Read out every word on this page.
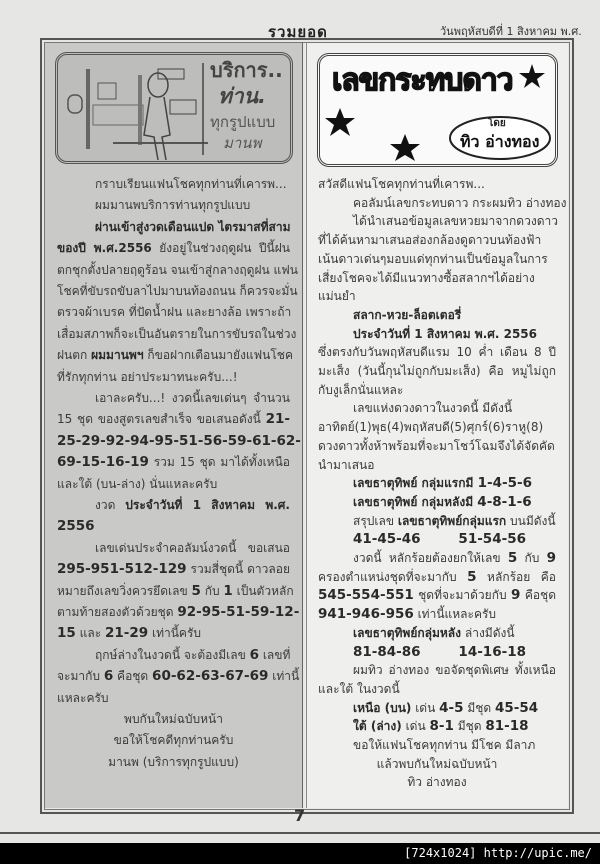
รวมยอด	วันพฤหัสบดีที่ 1 สิงหาคม พ.ศ.
บริการ..
ท่าน.
ทุกรูปแบบ
มานพ
เลขกระทบดาว
โดย
ทิว อ่างทอง
กราบเรียนแฟนโชคทุกท่านที่เคารพ...
ผมมานพบริการท่านทุกรูปแบบ
ผ่านเข้าสู่งวดเดือนแปด ไตรมาสที่สาม
ของปี พ.ศ.2556 ยังอยู่ในช่วงฤดูฝน ปีนี้ฝน
ตกชุกตั้งปลายฤดูร้อน จนเข้าสู่กลางฤดูฝน แฟน
โชคที่ขับรถขับลาไปมาบนท้องถนน ก็ควรจะมั่น
ตรวจผ้าเบรค ที่ปัดน้ำฝน และยางล้อ เพราะถ้า
เสื่อมสภาพก็จะเป็นอันตรายในการขับรถในช่วง
ฝนตก ผมมานพฯ ก็ขอฝากเตือนมายังแฟนโชค
ที่รักทุกท่าน อย่าประมาทนะครับ...!
เอาละครับ...! งวดนี้เลขเด่นๆ จำนวน
15 ชุด ของสูตรเลขสำเร็จ ขอเสนอดังนี้ 21-
25-29-92-94-95-51-56-59-61-62-
69-15-16-19 รวม 15 ชุด มาได้ทั้งเหนือ
และใต้ (บน-ล่าง) นั่นแหละครับ
งวด ประจำวันที่ 1 สิงหาคม พ.ศ.
2556
เลขเด่นประจำคอลัมน์งวดนี้ ขอเสนอ
295-951-512-129 รวมสี่ชุดนี้ ดาวลอย
หมายถึงเลขวิ่งควรยึดเลข 5 กับ 1 เป็นตัวหลัก
ตามท้ายสองตัวด้วยชุด 92-95-51-59-12-
15 และ 21-29 เท่านี้ครับ
ฤกษ์ล่างในงวดนี้ จะต้องมีเลข 6 เลขที่
จะมากับ 6 คือชุด 60-62-63-67-69 เท่านี้
แหละครับ
พบกันใหม่ฉบับหน้า
ขอให้โชคดีทุกท่านครับ
มานพ (บริการทุกรูปแบบ)
สวัสดีแฟนโชคทุกท่านที่เคารพ...
คอลัมน์เลขกระทบดาว กระผมทิว อ่างทอง
ได้นำเสนอข้อมูลเลขหวยมาจากดวงดาว
ที่ได้ค้นหามาเสนอส่องกล้องดูดาวบนท้องฟ้า
เน้นดาวเด่นๆมอบแด่ทุกท่านเป็นข้อมูลในการ
เสี่ยงโชคจะได้มีแนวทางซื้อสลากฯได้อย่าง
แม่นยำ
สลาก-หวย-ล็อตเตอรี่
ประจำวันที่ 1 สิงหาคม พ.ศ. 2556
ซึ่งตรงกับวันพฤหัสบดีแรม 10 ค่ำ เดือน 8 ปี
มะเส็ง (วันนี้กุนไม่ถูกกับมะเส็ง) คือ หมูไม่ถูก
กับงูเล็กนั่นแหละ
เลขแห่งดวงดาวในงวดนี้ มีดังนี้
อาทิตย์(1)พุธ(4)พฤหัสบดี(5)ศุกร์(6)ราหู(8)
ดวงดาวทั้งห้าพร้อมที่จะมาโชว์โฉมจึงได้จัดคัด
นำมาเสนอ
เลขธาตุทิพย์ กลุ่มแรกมี 1-4-5-6
เลขธาตุทิพย์ กลุ่มหลังมี 4-8-1-6
สรุปเลข เลขธาตุทิพย์กลุ่มแรก บนมีดังนี้
41-45-46	51-54-56
งวดนี้ หลักร้อยต้องยกให้เลข 5 กับ 9
ครองตำแหน่งชุดที่จะมากับ 5 หลักร้อย คือ
545-554-551 ชุดที่จะมาด้วยกับ 9 คือชุด
941-946-956 เท่านี้แหละครับ
เลขธาตุทิพย์กลุ่มหลัง ล่างมีดังนี้
81-84-86	14-16-18
ผมทิว อ่างทอง ขอจัดชุดพิเศษ ทั้งเหนือ
และใต้ ในงวดนี้
เหนือ (บน) เด่น 4-5 มีชุด 45-54
ใต้ (ล่าง) เด่น 8-1 มีชุด 81-18
ขอให้แฟนโชคทุกท่าน มีโชค มีลาภ
แล้วพบกันใหม่ฉบับหน้า
ทิว อ่างทอง
7
[724x1024] http://upic.me/
